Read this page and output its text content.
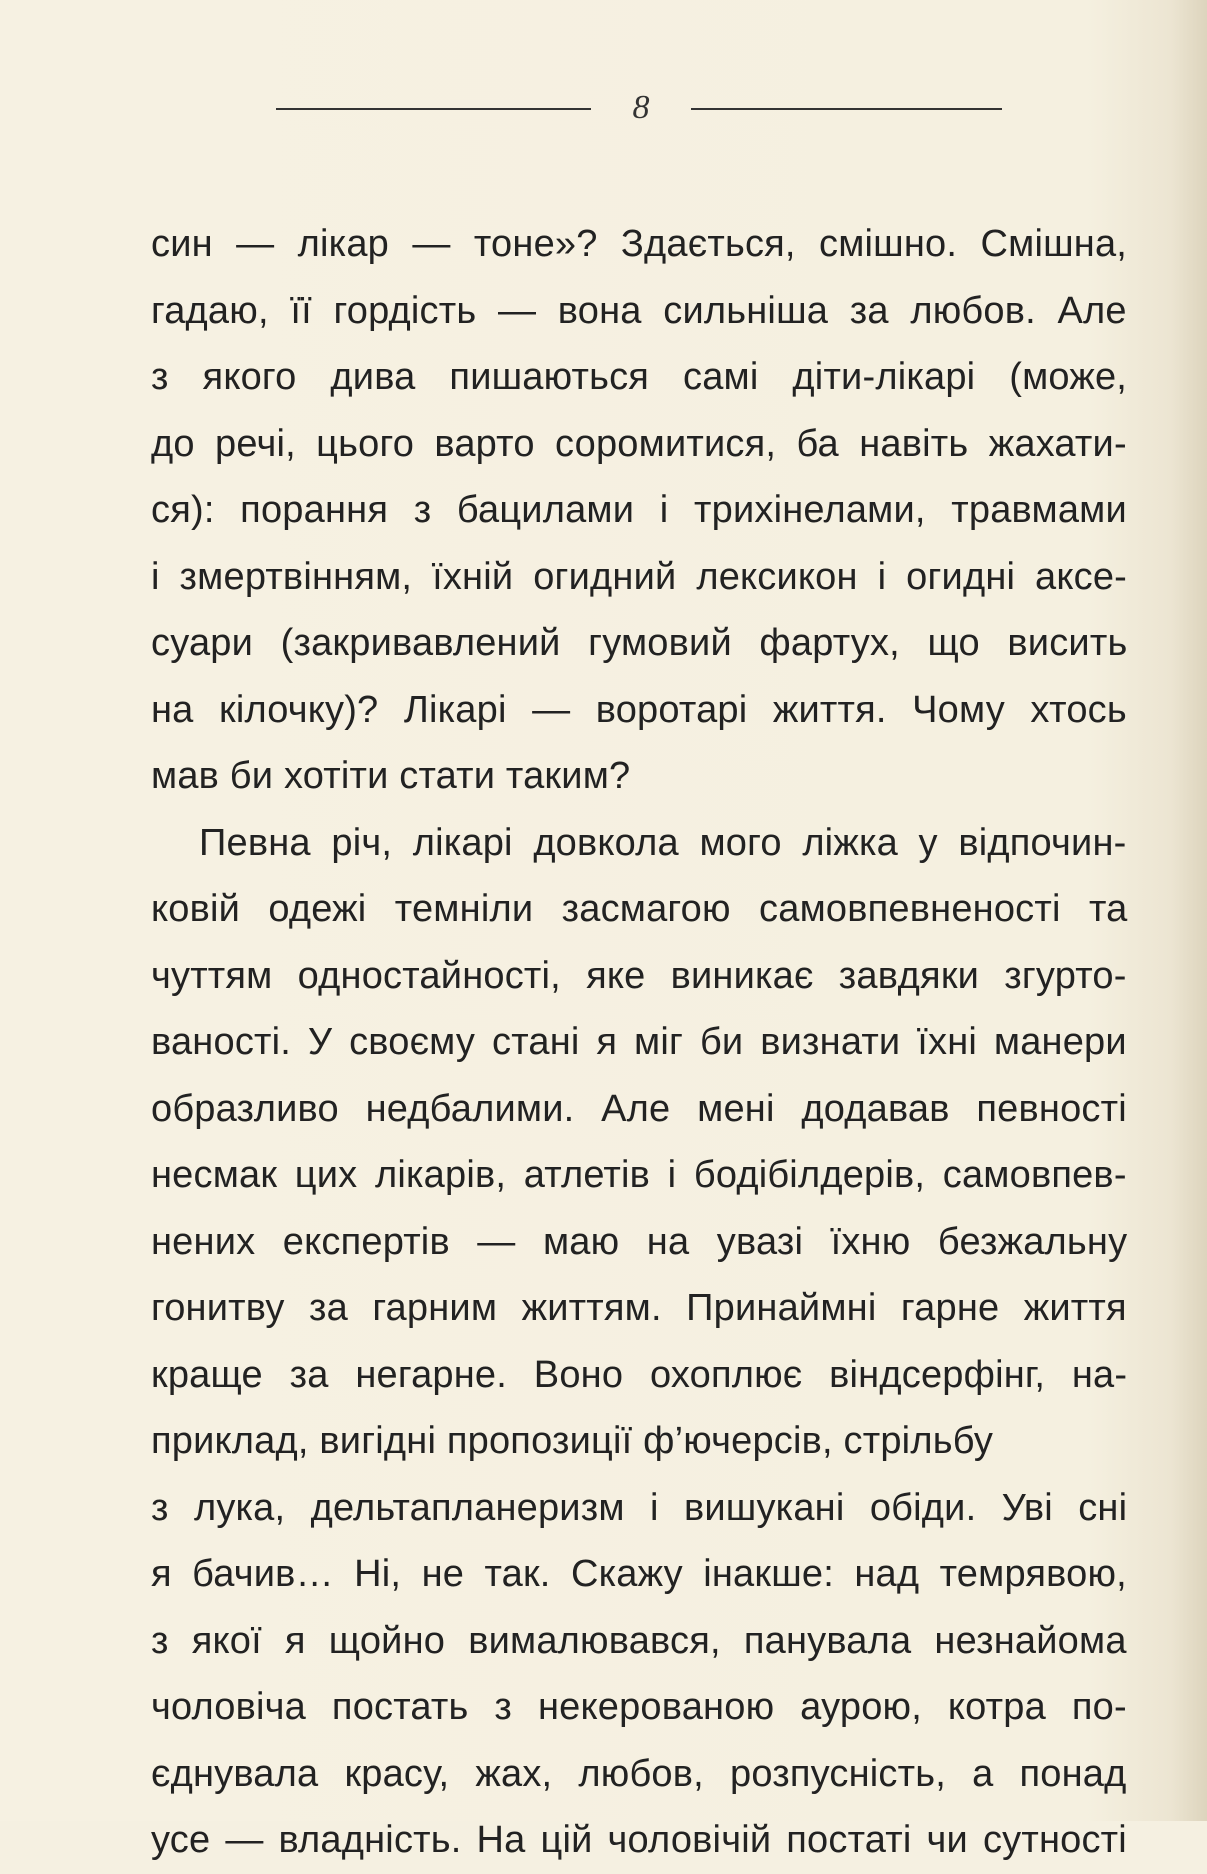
8
син — лікар — тоне»? Здається, смішно. Смішна,
гадаю, її гордість — вона сильніша за любов. Але
з якого дива пишаються самі діти-лікарі (може,
до речі, цього варто соромитися, ба навіть жахати-
ся): порання з бацилами і трихінелами, травмами
і змертвінням, їхній огидний лексикон і огидні аксе-
суари (закривавлений гумовий фартух, що висить
на кілочку)? Лікарі — воротарі життя. Чому хтось
мав би хотіти стати таким?
Певна річ, лікарі довкола мого ліжка у відпочин-
ковій одежі темніли засмагою самовпевненості та
чуттям одностайності, яке виникає завдяки згурто-
ваності. У своєму стані я міг би визнати їхні манери
образливо недбалими. Але мені додавав певності
несмак цих лікарів, атлетів і бодібілдерів, самовпев-
нених експертів — маю на увазі їхню безжальну
гонитву за гарним життям. Принаймні гарне життя
краще за негарне. Воно охоплює віндсерфінг, на-
приклад, вигідні пропозиції ф’ючерсів, стрільбу
з лука, дельтапланеризм і вишукані обіди. Уві сні
я бачив… Ні, не так. Скажу інакше: над темрявою,
з якої я щойно вималювався, панувала незнайома
чоловіча постать з некерованою аурою, котра по-
єднувала красу, жах, любов, розпусність, а понад
усе — владність. На цій чоловічій постаті чи сутності
